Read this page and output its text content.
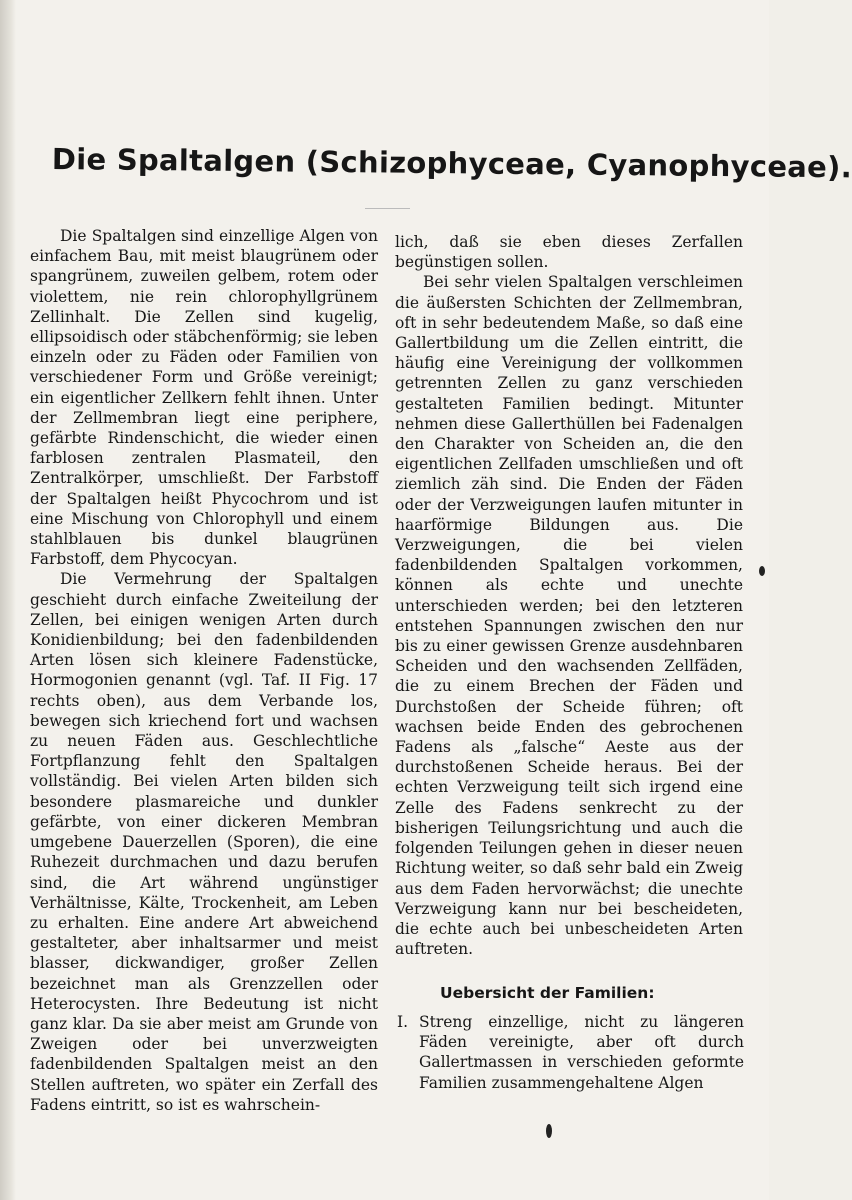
Die Spaltalgen (Schizophyceae, Cyanophyceae).

Die Spaltalgen sind einzellige Algen von einfachem Bau, mit meist blaugrünem oder spangrünem, zuweilen gelbem, rotem oder violettem, nie rein chlorophyllgrünem Zellinhalt. Die Zellen sind kugelig, ellipsoidisch oder stäbchenförmig; sie leben einzeln oder zu Fäden oder Familien von verschiedener Form und Größe vereinigt; ein eigentlicher Zellkern fehlt ihnen. Unter der Zellmembran liegt eine periphere, gefärbte Rindenschicht, die wieder einen farblosen zentralen Plasmateil, den Zentralkörper, umschließt. Der Farbstoff der Spaltalgen heißt Phycochrom und ist eine Mischung von Chlorophyll und einem stahlblauen bis dunkel blaugrünen Farbstoff, dem Phycocyan.

Die Vermehrung der Spaltalgen geschieht durch einfache Zweiteilung der Zellen, bei einigen wenigen Arten durch Konidienbildung; bei den fadenbildenden Arten lösen sich kleinere Fadenstücke, Hormogonien genannt (vgl. Taf. II Fig. 17 rechts oben), aus dem Verbande los, bewegen sich kriechend fort und wachsen zu neuen Fäden aus. Geschlechtliche Fortpflanzung fehlt den Spaltalgen vollständig. Bei vielen Arten bilden sich besondere plasmareiche und dunkler gefärbte, von einer dickeren Membran umgebene Dauerzellen (Sporen), die eine Ruhezeit durchmachen und dazu berufen sind, die Art während ungünstiger Verhältnisse, Kälte, Trockenheit, am Leben zu erhalten. Eine andere Art abweichend gestalteter, aber inhaltsarmer und meist blasser, dickwandiger, großer Zellen bezeichnet man als Grenzzellen oder Heterocysten. Ihre Bedeutung ist nicht ganz klar. Da sie aber meist am Grunde von Zweigen oder bei unverzweigten fadenbildenden Spaltalgen meist an den Stellen auftreten, wo später ein Zerfall des Fadens eintritt, so ist es wahrschein-

lich, daß sie eben dieses Zerfallen begünstigen sollen.

Bei sehr vielen Spaltalgen verschleimen die äußersten Schichten der Zellmembran, oft in sehr bedeutendem Maße, so daß eine Gallertbildung um die Zellen eintritt, die häufig eine Vereinigung der vollkommen getrennten Zellen zu ganz verschieden gestalteten Familien bedingt. Mitunter nehmen diese Gallerthüllen bei Fadenalgen den Charakter von Scheiden an, die den eigentlichen Zellfaden umschließen und oft ziemlich zäh sind. Die Enden der Fäden oder der Verzweigungen laufen mitunter in haarförmige Bildungen aus. Die Verzweigungen, die bei vielen fadenbildenden Spaltalgen vorkommen, können als echte und unechte unterschieden werden; bei den letzteren entstehen Spannungen zwischen den nur bis zu einer gewissen Grenze ausdehnbaren Scheiden und den wachsenden Zellfäden, die zu einem Brechen der Fäden und Durchstoßen der Scheide führen; oft wachsen beide Enden des gebrochenen Fadens als „falsche“ Aeste aus der durchstoßenen Scheide heraus. Bei der echten Verzweigung teilt sich irgend eine Zelle des Fadens senkrecht zu der bisherigen Teilungsrichtung und auch die folgenden Teilungen gehen in dieser neuen Richtung weiter, so daß sehr bald ein Zweig aus dem Faden hervorwächst; die unechte Verzweigung kann nur bei bescheideten, die echte auch bei unbescheideten Arten auftreten.

Uebersicht der Familien:
I. Streng einzellige, nicht zu längeren Fäden vereinigte, aber oft durch Gallertmassen in verschieden geformte Familien zusammengehaltene Algen
